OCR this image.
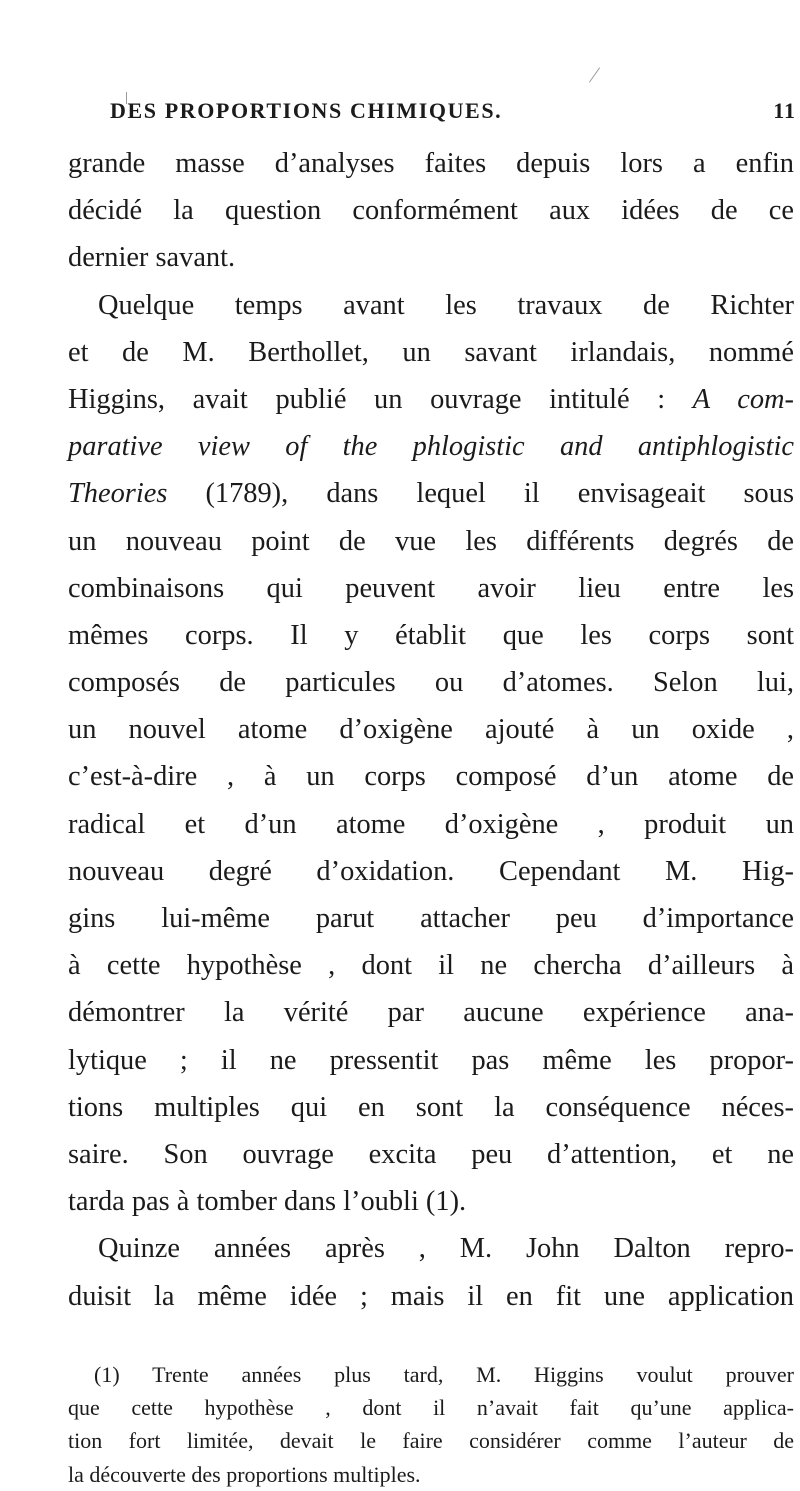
DES PROPORTIONS CHIMIQUES.	11
grande masse d’analyses faites depuis lors a enfin
décidé la question conformément aux idées de ce
dernier savant.
Quelque temps avant les travaux de Richter
et de M. Berthollet, un savant irlandais, nommé
Higgins, avait publié un ouvrage intitulé : A com-
parative view of the phlogistic and antiphlogistic
Theories (1789), dans lequel il envisageait sous
un nouveau point de vue les différents degrés de
combinaisons qui peuvent avoir lieu entre les
mêmes corps. Il y établit que les corps sont
composés de particules ou d’atomes. Selon lui,
un nouvel atome d’oxigène ajouté à un oxide ,
c’est-à-dire , à un corps composé d’un atome de
radical et d’un atome d’oxigène , produit un
nouveau degré d’oxidation. Cependant M. Hig-
gins lui-même parut attacher peu d’importance
à cette hypothèse , dont il ne chercha d’ailleurs à
démontrer la vérité par aucune expérience ana-
lytique ; il ne pressentit pas même les propor-
tions multiples qui en sont la conséquence néces-
saire. Son ouvrage excita peu d’attention, et ne
tarda pas à tomber dans l’oubli (1).
Quinze années après , M. John Dalton repro-
duisit la même idée ; mais il en fit une application
(1) Trente années plus tard, M. Higgins voulut prouver
que cette hypothèse , dont il n’avait fait qu’une applica-
tion fort limitée, devait le faire considérer comme l’auteur de
la découverte des proportions multiples.
